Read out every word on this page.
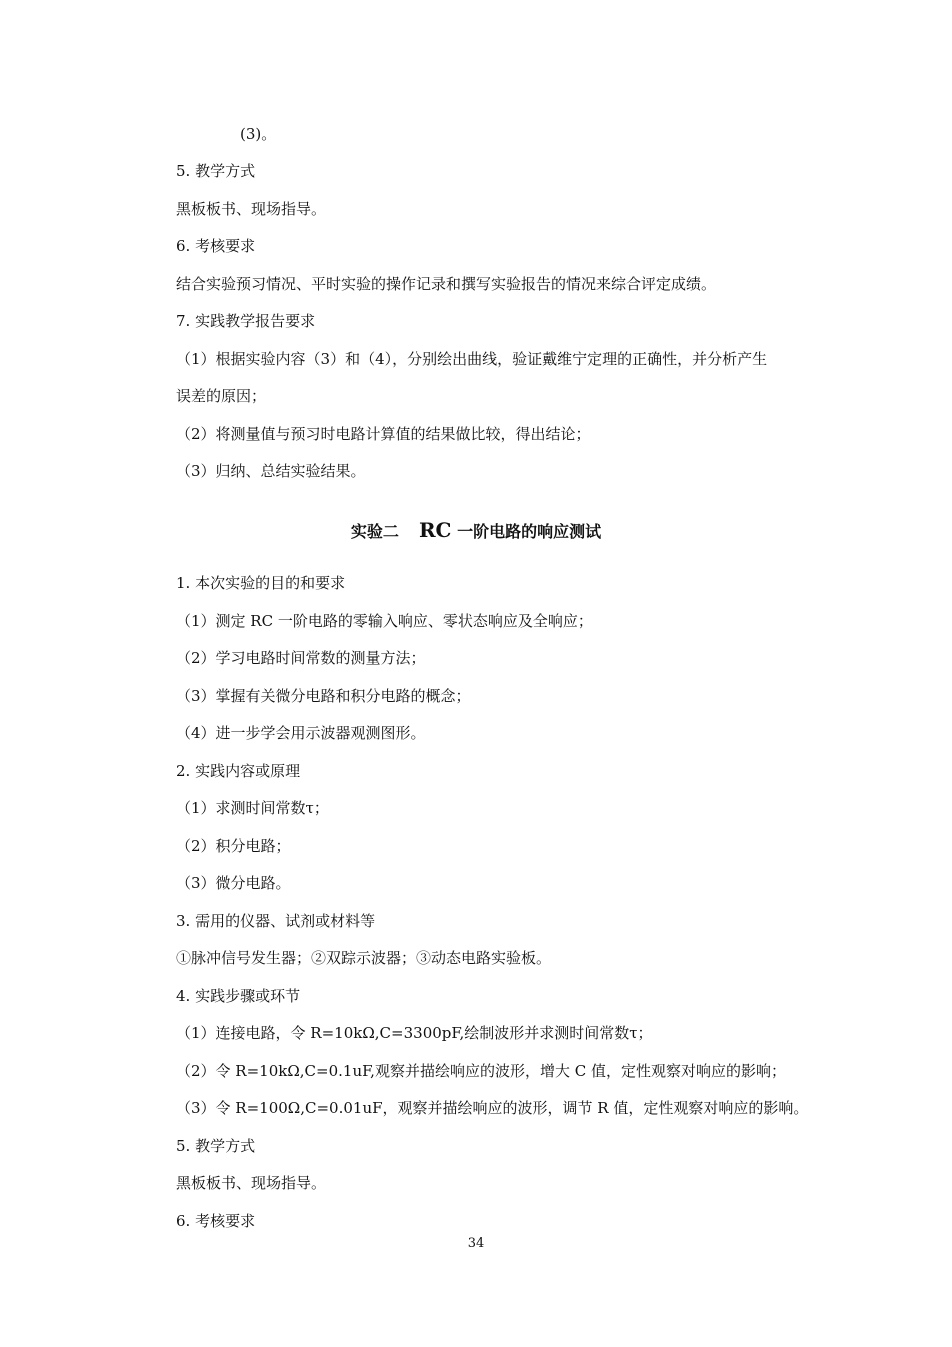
(3)。
5. 教学方式
黑板板书、现场指导。
6. 考核要求
结合实验预习情况、平时实验的操作记录和撰写实验报告的情况来综合评定成绩。
7. 实践教学报告要求
（1）根据实验内容（3）和（4），分别绘出曲线，验证戴维宁定理的正确性，并分析产生
误差的原因；
（2）将测量值与预习时电路计算值的结果做比较，得出结论；
（3）归纳、总结实验结果。
实验二 RC 一阶电路的响应测试
1. 本次实验的目的和要求
（1）测定 RC 一阶电路的零输入响应、零状态响应及全响应；
（2）学习电路时间常数的测量方法；
（3）掌握有关微分电路和积分电路的概念；
（4）进一步学会用示波器观测图形。
2. 实践内容或原理
（1）求测时间常数τ；
（2）积分电路；
（3）微分电路。
3. 需用的仪器、试剂或材料等
①脉冲信号发生器；②双踪示波器；③动态电路实验板。
4. 实践步骤或环节
（1）连接电路，令 R=10kΩ,C=3300pF,绘制波形并求测时间常数τ；
（2）令 R=10kΩ,C=0.1uF,观察并描绘响应的波形，增大 C 值，定性观察对响应的影响；
（3）令 R=100Ω,C=0.01uF，观察并描绘响应的波形，调节 R 值，定性观察对响应的影响。
5. 教学方式
黑板板书、现场指导。
6. 考核要求
34
